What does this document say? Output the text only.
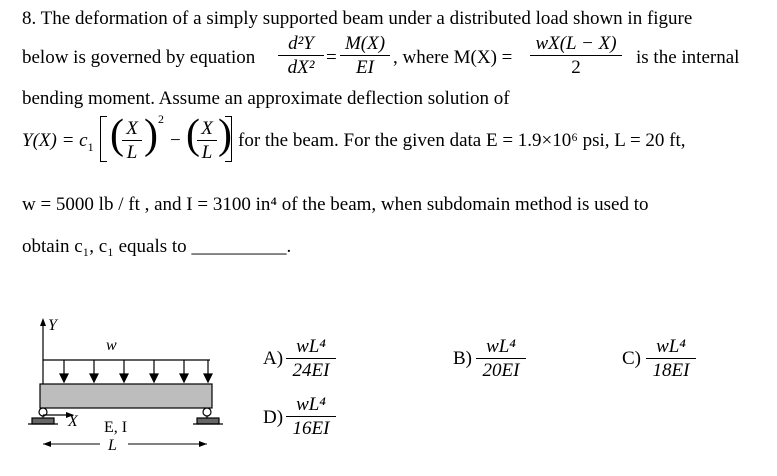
8. The deformation of a simply supported beam under a distributed load shown in figure
below is governed by equation
d²Y
dX² =
M(X)
EI	, where M(X) =
wX(L − X)
2	is the internal
bending moment. Assume an approximate deflection solution of
$Y(X) = c_1$ ( X
L ) 2
− ( X
L ) for the beam. For the given data E = 1.9×10⁶ psi, L = 20 ft,
w = 5000 lb / ft , and I = 3100 in⁴ of the beam, when subdomain method is used to
obtain c₁, c₁ equals to __________.
Y
w
X E, I
L
A)
wL⁴
24EI
B)
wL⁴
20EI
C)
wL⁴
18EI
D)
wL⁴
16EI
